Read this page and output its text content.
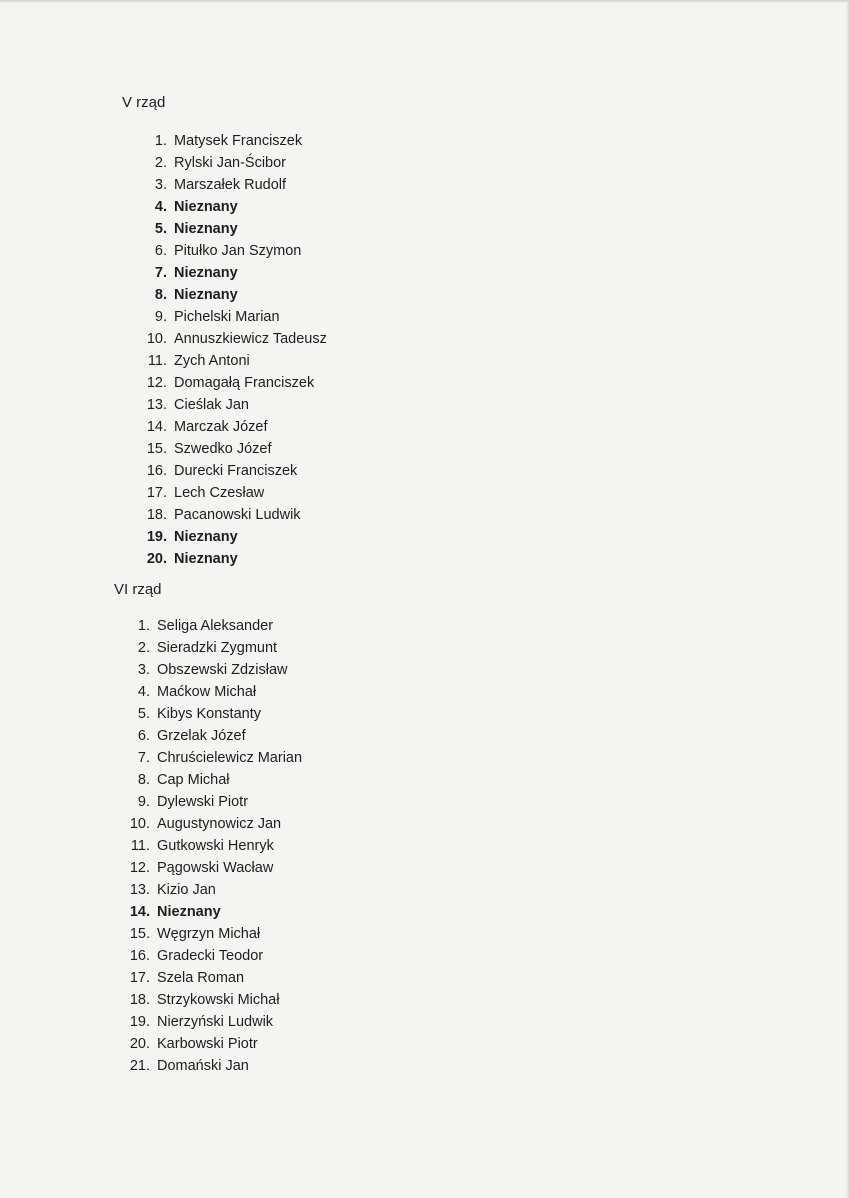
V rząd
1. Matysek Franciszek
2. Rylski Jan-Ścibor
3. Marszałek Rudolf
4. Nieznany
5. Nieznany
6. Pitułko Jan Szymon
7. Nieznany
8. Nieznany
9. Pichelski Marian
10. Annuszkiewicz Tadeusz
11. Zych Antoni
12. Domagałą Franciszek
13. Cieślak Jan
14. Marczak Józef
15. Szwedko Józef
16. Durecki Franciszek
17. Lech Czesław
18. Pacanowski Ludwik
19. Nieznany
20. Nieznany
VI rząd
1. Seliga Aleksander
2. Sieradzki Zygmunt
3. Obszewski Zdzisław
4. Maćkow Michał
5. Kibys Konstanty
6. Grzelak Józef
7. Chruścielewicz Marian
8. Cap Michał
9. Dylewski Piotr
10. Augustynowicz Jan
11. Gutkowski Henryk
12. Pągowski Wacław
13. Kizio Jan
14. Nieznany
15. Węgrzyn Michał
16. Gradecki Teodor
17. Szela Roman
18. Strzykowski Michał
19. Nierzyński Ludwik
20. Karbowski Piotr
21. Domański Jan
